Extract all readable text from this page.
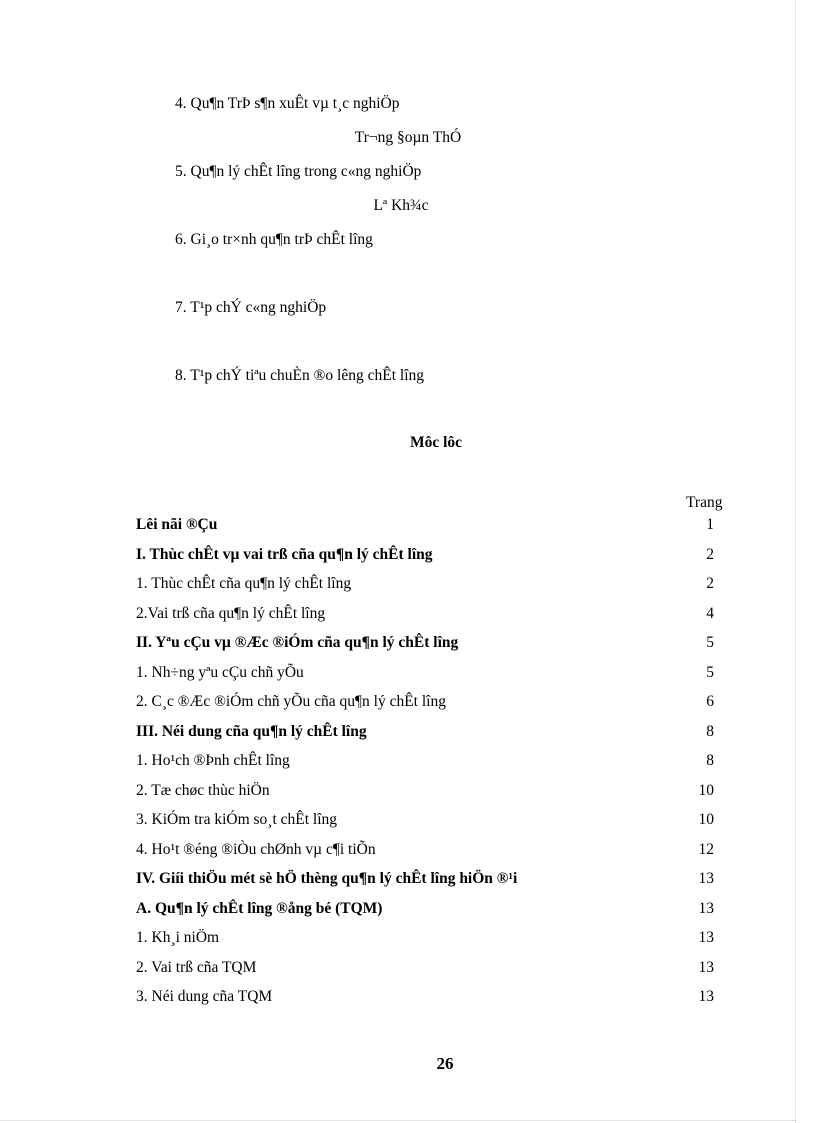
4. Qu¶n TrÞ s¶n xuÊt vµ t¸c nghiÖp
Tr¬ng §oµn ThÓ
5. Qu¶n lý chÊt lîng trong c«ng nghiÖp
Lª Kh¾c
6. Gi¸o tr×nh qu¶n trÞ chÊt lîng
7. T¹p chÝ c«ng nghiÖp
8. T¹p chÝ tiªu chuÈn ®o lêng chÊt lîng
Môc lôc
Trang
Lêi nãi ®Çu	1
I. Thùc chÊt vµ vai trß cña qu¶n lý chÊt lîng	2
1. Thùc chÊt cña qu¶n lý chÊt lîng	2
2.Vai trß cña qu¶n lý chÊt lîng	4
II. Yªu cÇu vµ ®Æc ®iÓm cña qu¶n lý chÊt lîng	5
1. Nh÷ng yªu cÇu chñ yÕu	5
2. C¸c ®Æc ®iÓm chñ yÕu cña qu¶n lý chÊt lîng	6
III. Néi dung cña qu¶n lý chÊt lîng	8
1. Ho¹ch ®Þnh chÊt lîng	8
2. Tæ chøc thùc hiÖn	10
3. KiÓm tra kiÓm so¸t chÊt lîng	10
4. Ho¹t ®éng ®iÒu chØnh vµ c¶i tiÕn	12
IV. Giíi thiÖu mét sè hÖ thèng qu¶n lý chÊt lîng hiÖn ®¹i	13
A. Qu¶n lý chÊt lîng ®ång bé (TQM)	13
1. Kh¸i niÖm	13
2. Vai trß cña TQM	13
3. Néi dung cña TQM	13
26
